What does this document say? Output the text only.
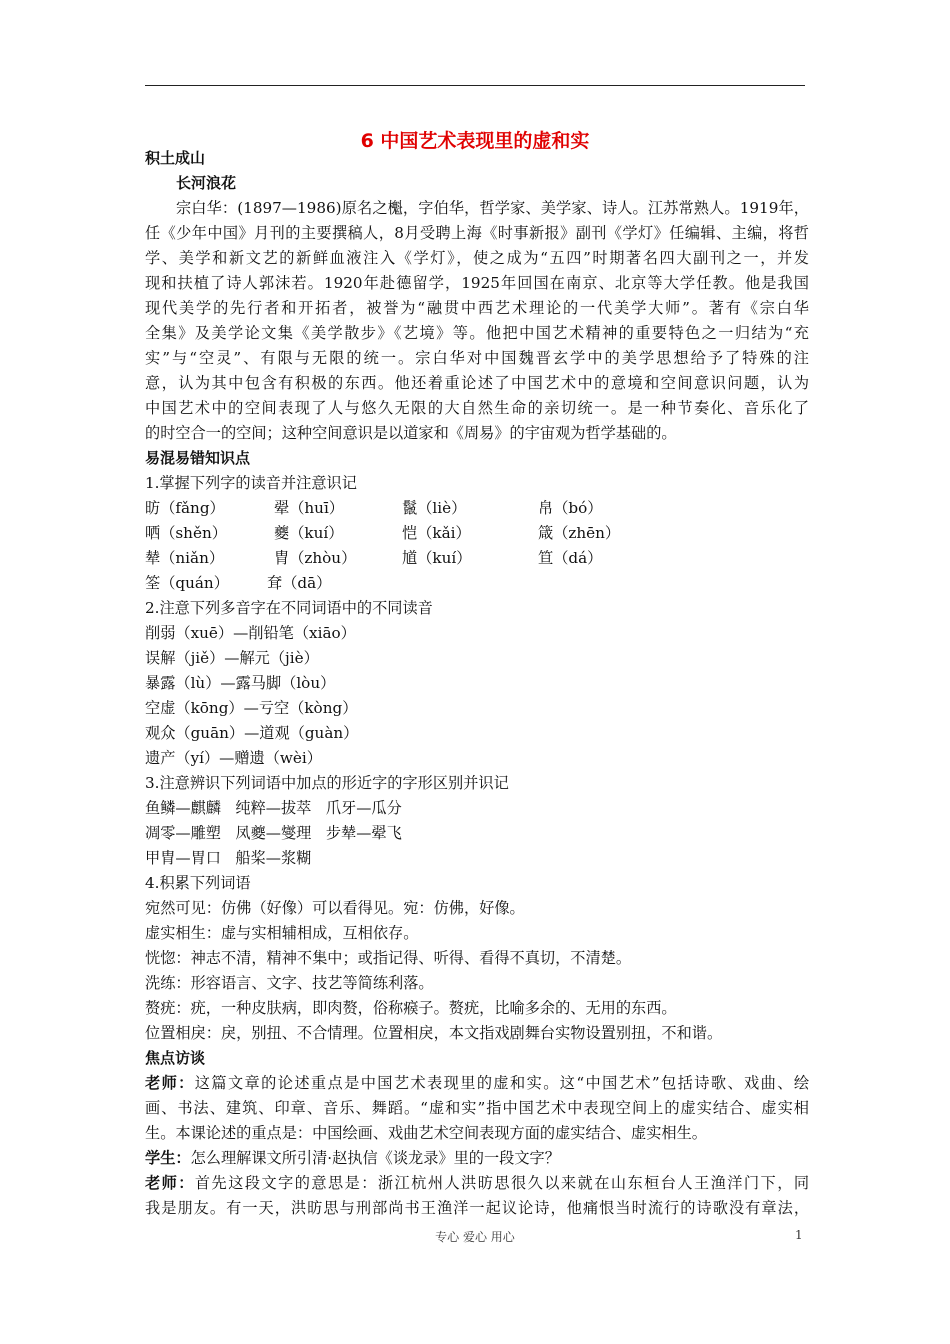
6 中国艺术表现里的虚和实
积土成山
长河浪花
宗白华：(1897—1986)原名之櫆，字伯华，哲学家、美学家、诗人。江苏常熟人。1919年，
任《少年中国》月刊的主要撰稿人，8月受聘上海《时事新报》副刊《学灯》任编辑、主编，将哲
学、美学和新文艺的新鲜血液注入《学灯》，使之成为“五四”时期著名四大副刊之一，并发
现和扶植了诗人郭沫若。1920年赴德留学，1925年回国在南京、北京等大学任教。他是我国
现代美学的先行者和开拓者，被誉为“融贯中西艺术理论的一代美学大师”。著有《宗白华
全集》及美学论文集《美学散步》《艺境》等。他把中国艺术精神的重要特色之一归结为“充
实”与“空灵”、有限与无限的统一。宗白华对中国魏晋玄学中的美学思想给予了特殊的注
意，认为其中包含有积极的东西。他还着重论述了中国艺术中的意境和空间意识问题，认为
中国艺术中的空间表现了人与悠久无限的大自然生命的亲切统一。是一种节奏化、音乐化了
的时空合一的空间；这种空间意识是以道家和《周易》的宇宙观为哲学基础的。
易混易错知识点
1.掌握下列字的读音并注意识记
昉（fǎng）	翚（huī）	鬣（liè）	帛（bó）
哂（shěn）	夔（kuí）	恺（kǎi）	箴（zhēn）
辇（niǎn）	胄（zhòu）	馗（kuí）	笪（dá）
筌（quán）	耷（dā）
2.注意下列多音字在不同词语中的不同读音
削弱（xuē）—削铅笔（xiāo）
误解（jiě）—解元（jiè）
暴露（lù）—露马脚（lòu）
空虚（kōng）—亏空（kòng）
观众（guān）—道观（guàn）
遗产（yí）—赠遗（wèi）
3.注意辨识下列词语中加点的形近字的字形区别并识记
鱼鳞—麒麟   纯粹—拔萃   爪牙—瓜分
凋零—雕塑   凤夔—燮理   步辇—翚飞
甲胄—胃口   船桨—浆糊
4.积累下列词语
宛然可见：仿佛（好像）可以看得见。宛：仿佛，好像。
虚实相生：虚与实相辅相成，互相依存。
恍惚：神志不清，精神不集中；或指记得、听得、看得不真切，不清楚。
洗练：形容语言、文字、技艺等简练利落。
赘疣：疣，一种皮肤病，即肉赘，俗称瘊子。赘疣，比喻多余的、无用的东西。
位置相戾：戾，别扭、不合情理。位置相戾，本文指戏剧舞台实物设置别扭，不和谐。
焦点访谈
老师：这篇文章的论述重点是中国艺术表现里的虚和实。这“中国艺术”包括诗歌、戏曲、绘
画、书法、建筑、印章、音乐、舞蹈。“虚和实”指中国艺术中表现空间上的虚实结合、虚实相
生。本课论述的重点是：中国绘画、戏曲艺术空间表现方面的虚实结合、虚实相生。
学生：怎么理解课文所引清·赵执信《谈龙录》里的一段文字？
老师：首先这段文字的意思是：浙江杭州人洪昉思很久以来就在山东桓台人王渔洋门下，同
我是朋友。有一天，洪昉思与刑部尚书王渔洋一起议论诗，他痛恨当时流行的诗歌没有章法，
专心 爱心 用心	1
